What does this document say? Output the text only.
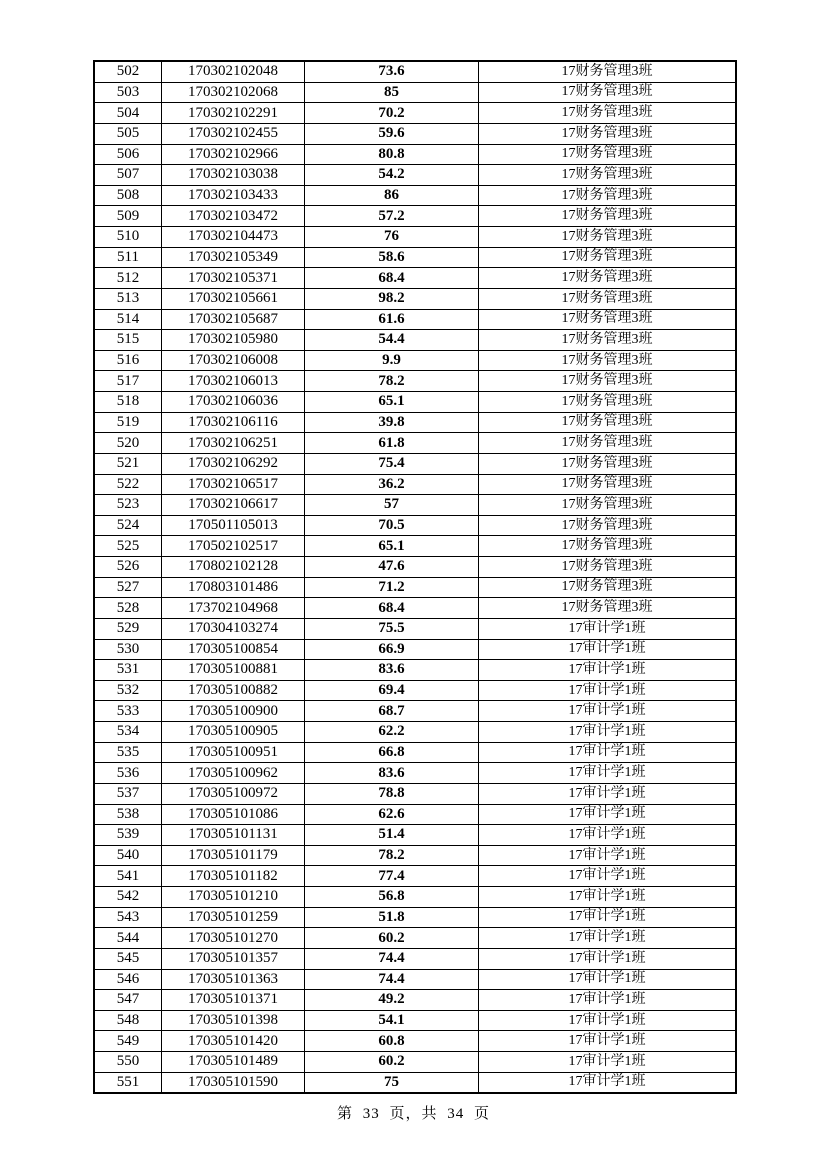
502	170302102048	73.6	17财务管理3班
503	170302102068	85	17财务管理3班
504	170302102291	70.2	17财务管理3班
505	170302102455	59.6	17财务管理3班
506	170302102966	80.8	17财务管理3班
507	170302103038	54.2	17财务管理3班
508	170302103433	86	17财务管理3班
509	170302103472	57.2	17财务管理3班
510	170302104473	76	17财务管理3班
511	170302105349	58.6	17财务管理3班
512	170302105371	68.4	17财务管理3班
513	170302105661	98.2	17财务管理3班
514	170302105687	61.6	17财务管理3班
515	170302105980	54.4	17财务管理3班
516	170302106008	9.9	17财务管理3班
517	170302106013	78.2	17财务管理3班
518	170302106036	65.1	17财务管理3班
519	170302106116	39.8	17财务管理3班
520	170302106251	61.8	17财务管理3班
521	170302106292	75.4	17财务管理3班
522	170302106517	36.2	17财务管理3班
523	170302106617	57	17财务管理3班
524	170501105013	70.5	17财务管理3班
525	170502102517	65.1	17财务管理3班
526	170802102128	47.6	17财务管理3班
527	170803101486	71.2	17财务管理3班
528	173702104968	68.4	17财务管理3班
529	170304103274	75.5	17审计学1班
530	170305100854	66.9	17审计学1班
531	170305100881	83.6	17审计学1班
532	170305100882	69.4	17审计学1班
533	170305100900	68.7	17审计学1班
534	170305100905	62.2	17审计学1班
535	170305100951	66.8	17审计学1班
536	170305100962	83.6	17审计学1班
537	170305100972	78.8	17审计学1班
538	170305101086	62.6	17审计学1班
539	170305101131	51.4	17审计学1班
540	170305101179	78.2	17审计学1班
541	170305101182	77.4	17审计学1班
542	170305101210	56.8	17审计学1班
543	170305101259	51.8	17审计学1班
544	170305101270	60.2	17审计学1班
545	170305101357	74.4	17审计学1班
546	170305101363	74.4	17审计学1班
547	170305101371	49.2	17审计学1班
548	170305101398	54.1	17审计学1班
549	170305101420	60.8	17审计学1班
550	170305101489	60.2	17审计学1班
551	170305101590	75	17审计学1班
第 33 页，共 34 页
